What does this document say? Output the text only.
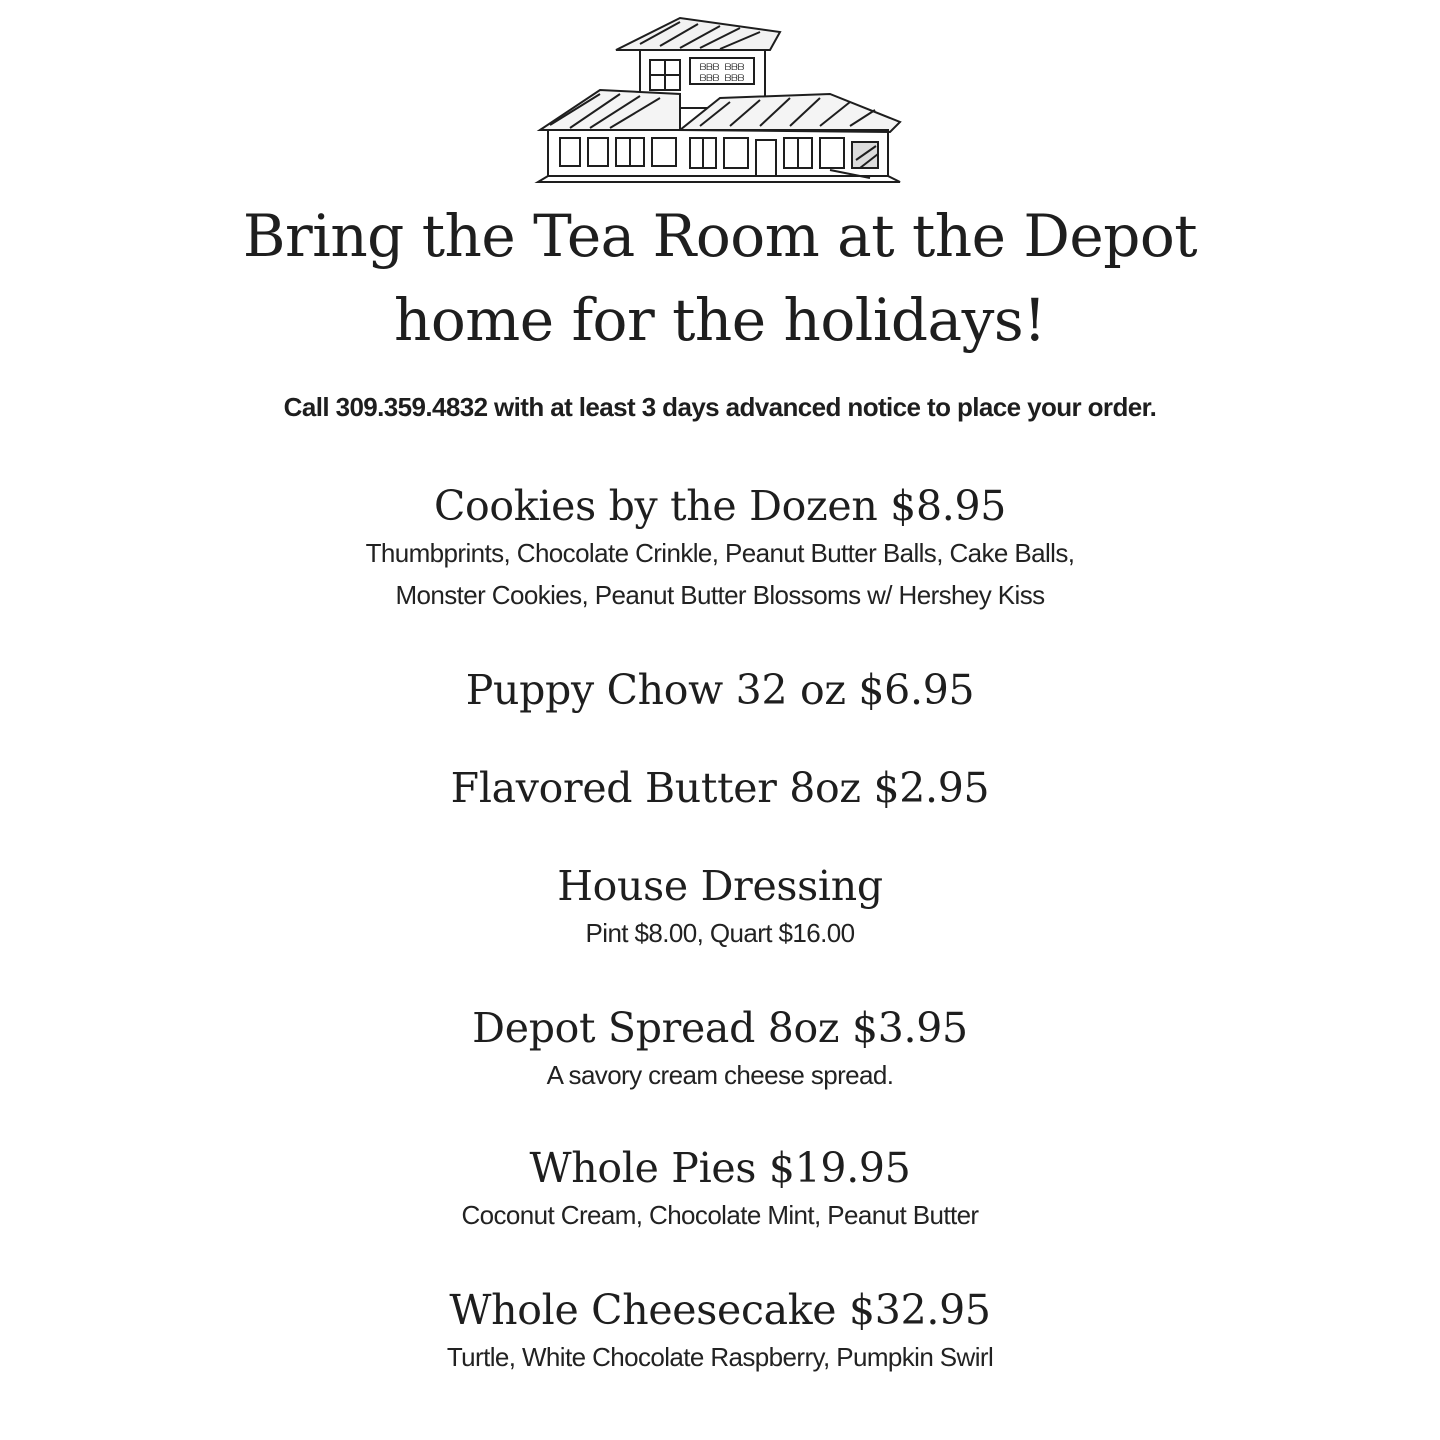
ᗷᗷᗷ ᗷᗷᗷ
ᗷᗷᗷ ᗷᗷᗷ
Bring the Tea Room at the Depot
home for the holidays!
Call 309.359.4832 with at least 3 days advanced notice to place your order.
Cookies by the Dozen $8.95
Thumbprints, Chocolate Crinkle, Peanut Butter Balls, Cake Balls,
Monster Cookies, Peanut Butter Blossoms w/ Hershey Kiss
Puppy Chow 32 oz $6.95
Flavored Butter 8oz $2.95
House Dressing
Pint $8.00, Quart $16.00
Depot Spread 8oz $3.95
A savory cream cheese spread.
Whole Pies $19.95
Coconut Cream, Chocolate Mint, Peanut Butter
Whole Cheesecake $32.95
Turtle, White Chocolate Raspberry, Pumpkin Swirl
